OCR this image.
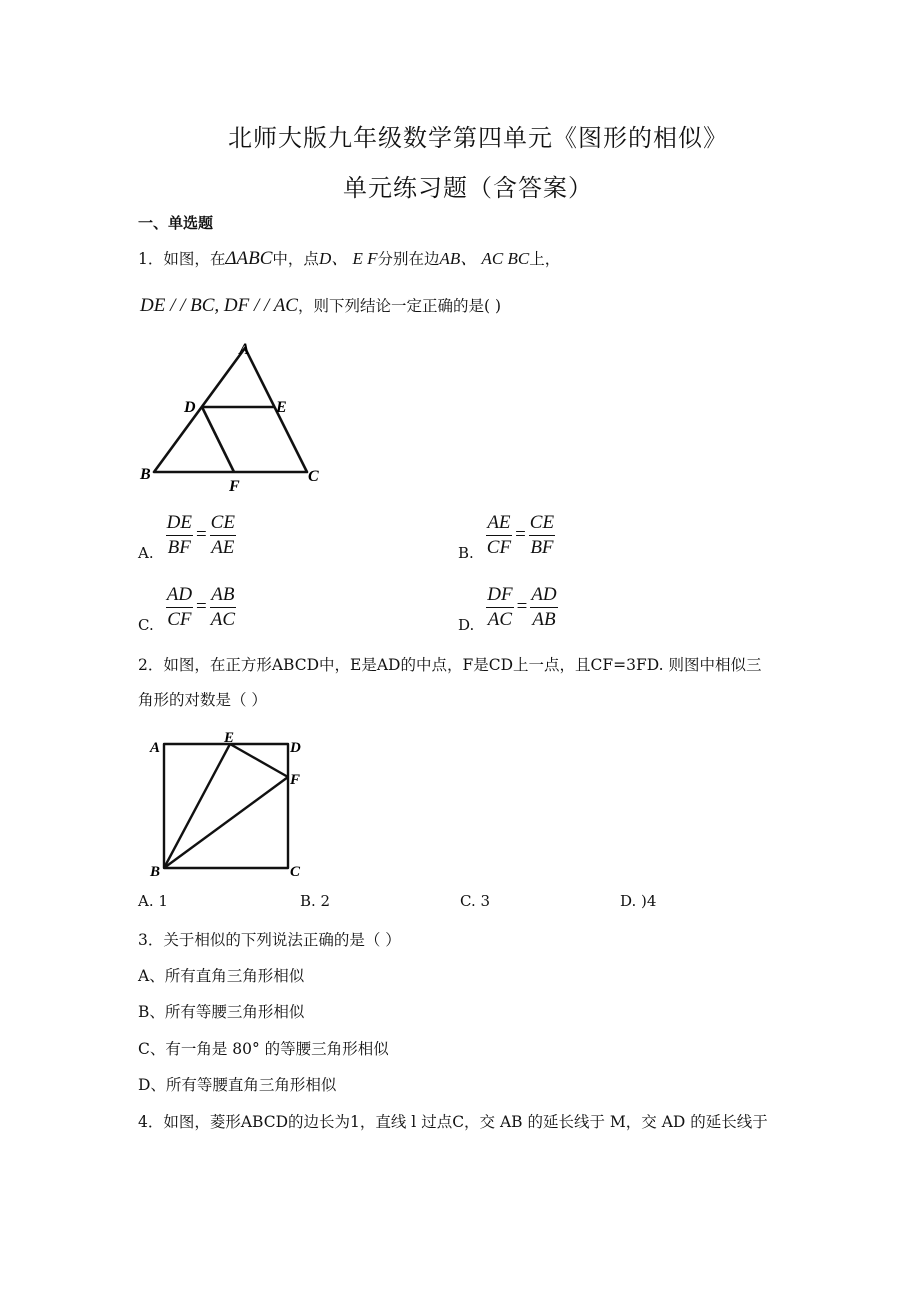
北师大版九年级数学第四单元《图形的相似》
单元练习题（含答案）
一、单选题
1．如图，在ΔABC中，点D、 E F分别在边AB、 AC BC上，
DE / / BC, DF / / AC，则下列结论一定正确的是( )
A
D	E
B	C
F
A. $\frac{DE}{BF} = \frac{CE}{AE}$	B. $\frac{AE}{CF} = \frac{CE}{BF}$
C. $\frac{AD}{CF} = \frac{AB}{AC}$	D. $\frac{DF}{AC} = \frac{AD}{AB}$
2．如图，在正方形ABCD中，E是AD的中点，F是CD上一点，且CF=3FD. 则图中相似三
角形的对数是（ ）
A
E
D
F
B	C
A. 1	B. 2	C. 3	D. )4
3．关于相似的下列说法正确的是（ ）
A、所有直角三角形相似
B、所有等腰三角形相似
C、有一角是 80° 的等腰三角形相似
D、所有等腰直角三角形相似
4．如图，菱形ABCD的边长为1，直线 l 过点C，交 AB 的延长线于 M，交 AD 的延长线于
